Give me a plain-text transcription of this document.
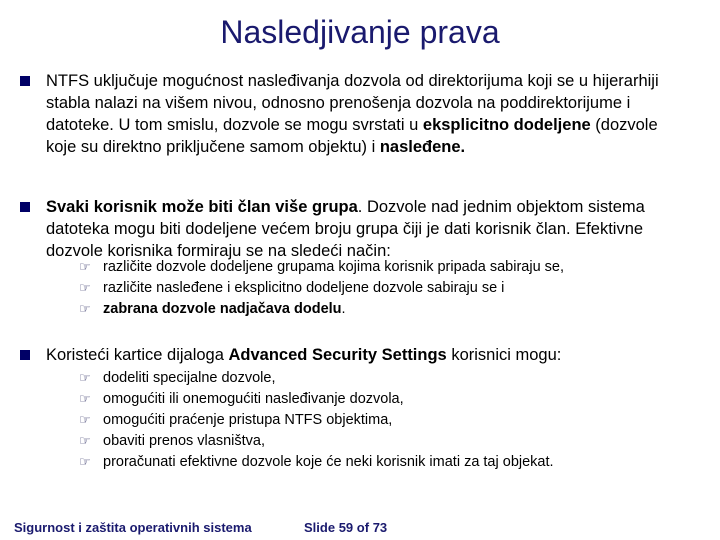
Nasledjivanje prava
NTFS uključuje mogućnost nasleđivanja dozvola od direktorijuma koji se u hijerarhiji stabla nalazi na višem nivou, odnosno prenošenja dozvola na poddirektorijume i datoteke. U tom smislu, dozvole se mogu svrstati u eksplicitno dodeljene (dozvole koje su direktno priključene samom objektu) i nasleđene.
Svaki korisnik može biti član više grupa. Dozvole nad jednim objektom sistema datoteka mogu biti dodeljene većem broju grupa čiji je dati korisnik član. Efektivne dozvole korisnika formiraju se na sledeći način:
☞ različite dozvole dodeljene grupama kojima korisnik pripada sabiraju se,
☞ različite nasleđene i eksplicitno dodeljene dozvole sabiraju se i
☞ zabrana dozvole nadjačava dodelu.
Koristeći kartice dijaloga Advanced Security Settings korisnici mogu:
☞ dodeliti specijalne dozvole,
☞ omogućiti ili onemogućiti nasleđivanje dozvola,
☞ omogućiti praćenje pristupa NTFS objektima,
☞ obaviti prenos vlasništva,
☞ proračunati efektivne dozvole koje će neki korisnik imati za taj objekat.
Sigurnost i zaštita operativnih sistema	Slide 59 of 73
